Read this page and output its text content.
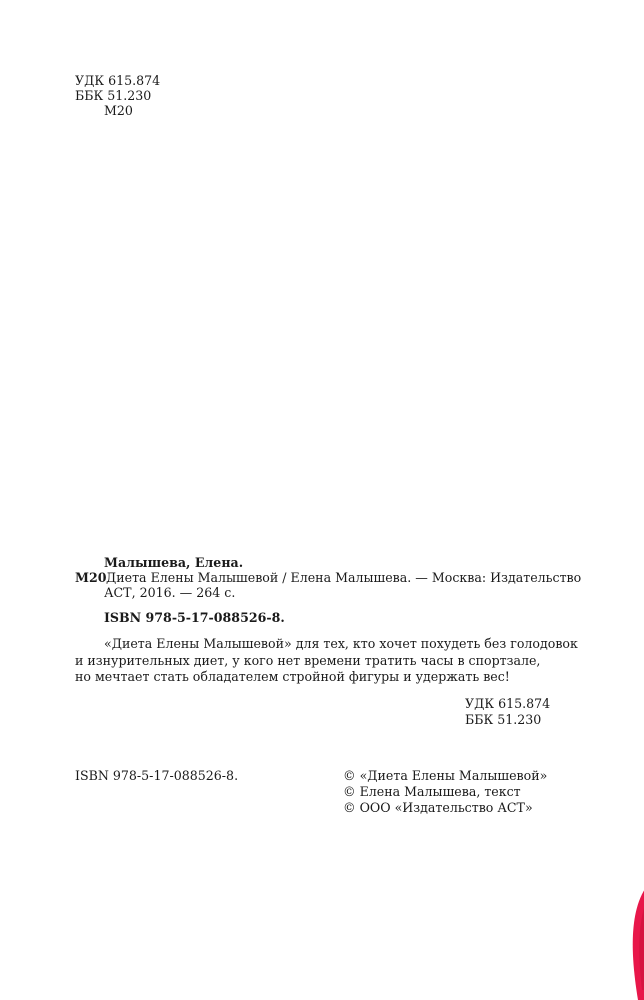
УДК 615.874
ББК 51.230
М20
Малышева, Елена.
М20 Диета Елены Малышевой / Елена Малышева. — Москва: Издательство
АСТ, 2016. — 264 с.
ISBN 978-5-17-088526-8.
«Диета Елены Малышевой» для тех, кто хочет похудеть без голодовок
и изнурительных диет, у кого нет времени тратить часы в спортзале,
но мечтает стать обладателем стройной фигуры и удержать вес!
УДК 615.874
ББК 51.230
ISBN 978-5-17-088526-8.	© «Диета Елены Малышевой»
© Елена Малышева, текст
© ООО «Издательство АСТ»
